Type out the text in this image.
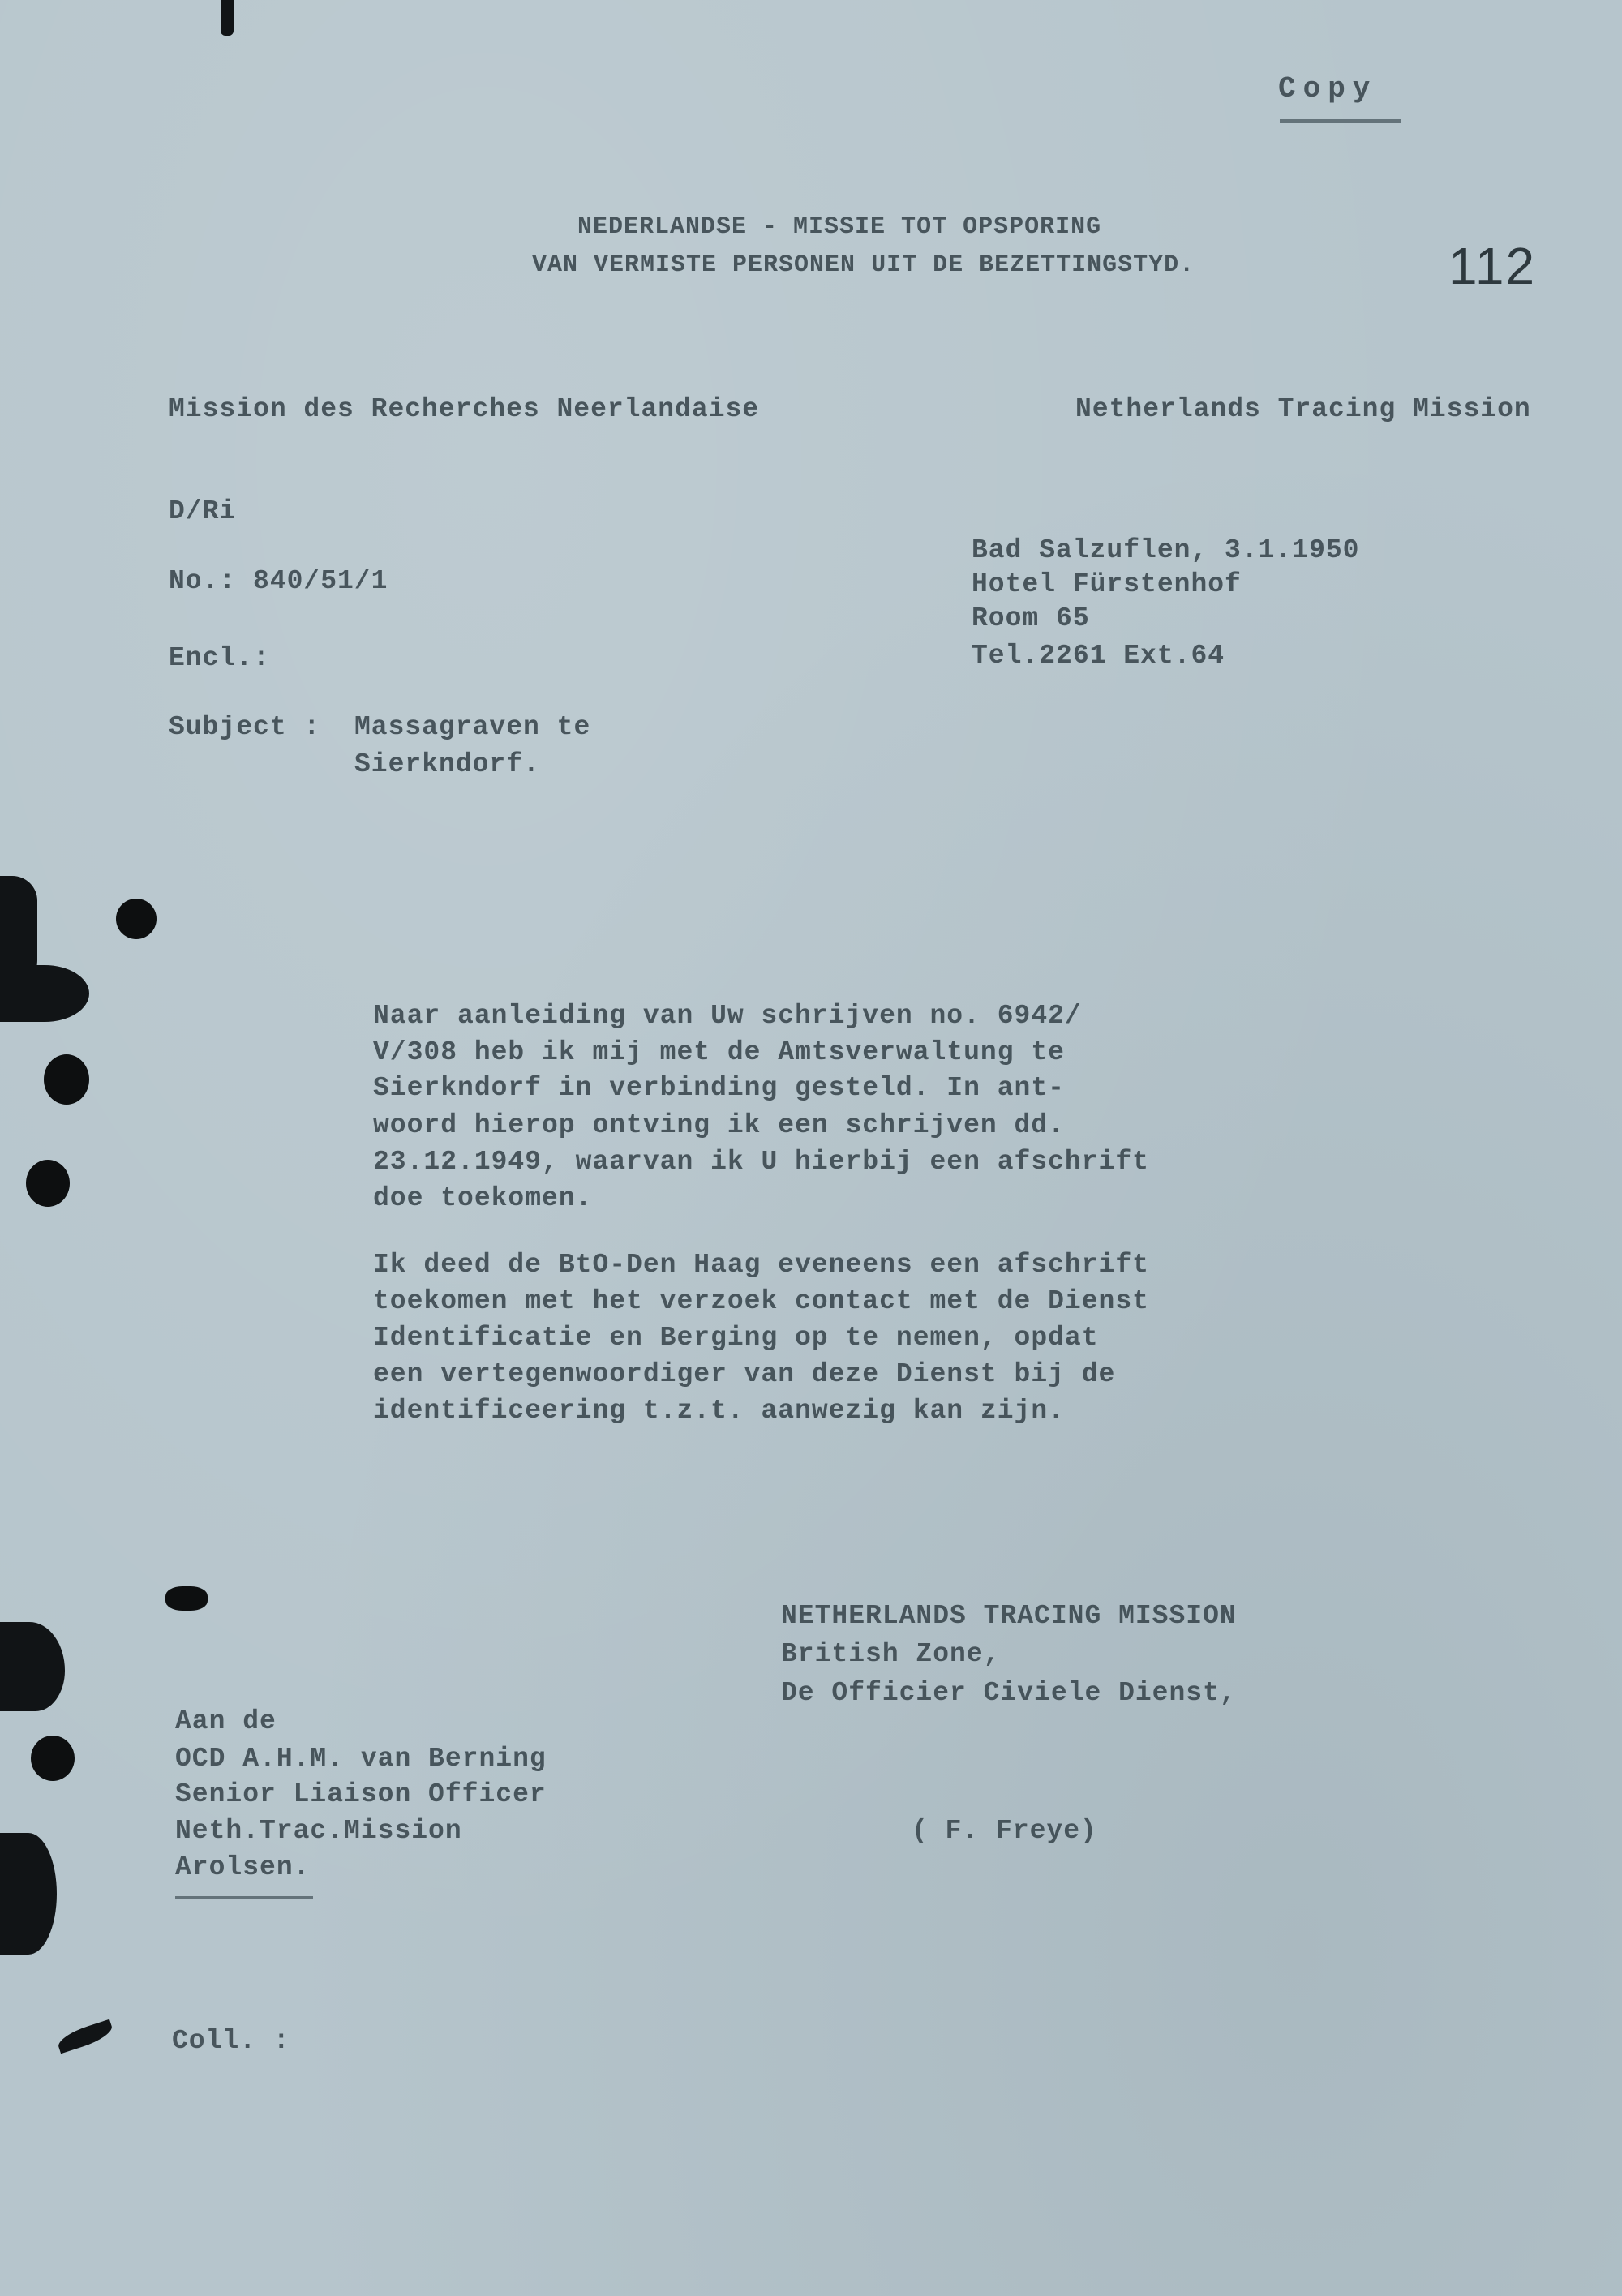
Copy
NEDERLANDSE - MISSIE TOT OPSPORING
VAN VERMISTE PERSONEN UIT DE BEZETTINGSTYD.	112
Mission des Recherches Neerlandaise	Netherlands Tracing Mission
D/Ri
No.: 840/51/1
Encl.:
Subject : Massagraven te
Sierkndorf.
Bad Salzuflen, 3.1.1950
Hotel Fürstenhof
Room 65
Tel.2261 Ext.64
Naar aanleiding van Uw schrijven no. 6942/
V/308 heb ik mij met de Amtsverwaltung te
Sierkndorf in verbinding gesteld. In ant-
woord hierop ontving ik een schrijven dd.
23.12.1949, waarvan ik U hierbij een afschrift
doe toekomen.
Ik deed de BtO-Den Haag eveneens een afschrift
toekomen met het verzoek contact met de Dienst
Identificatie en Berging op te nemen, opdat
een vertegenwoordiger van deze Dienst bij de
identificeering t.z.t. aanwezig kan zijn.
NETHERLANDS TRACING MISSION
British Zone,
De Officier Civiele Dienst,
( F. Freye)
Aan de
OCD A.H.M. van Berning
Senior Liaison Officer
Neth.Trac.Mission
Arolsen.
Coll. :
